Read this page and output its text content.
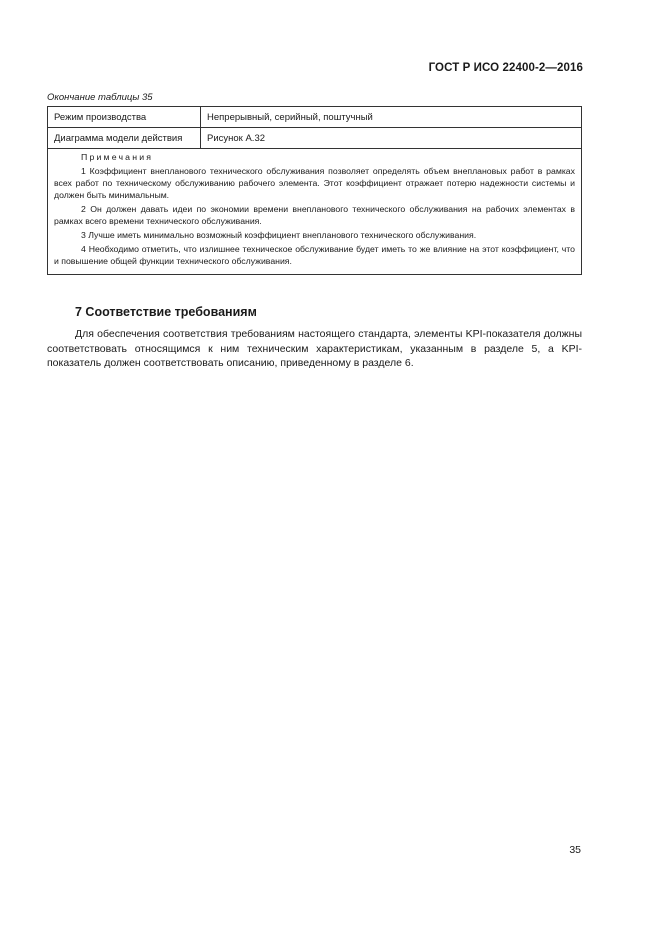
ГОСТ Р ИСО 22400-2—2016
Окончание таблицы 35
Режим производства	Непрерывный, серийный, поштучный
Диаграмма модели действия	Рисунок А.32

Примечания

1 Коэффициент внепланового технического обслуживания позволяет определять объем внеплановых работ в рамках всех работ по техническому обслуживанию рабочего элемента. Этот коэффициент отражает потерю надежности системы и должен быть минимальным.

2 Он должен давать идеи по экономии времени внепланового технического обслуживания на рабочих элементах в рамках всего времени технического обслуживания.

3 Лучше иметь минимально возможный коэффициент внепланового технического обслуживания.

4 Необходимо отметить, что излишнее техническое обслуживание будет иметь то же влияние на этот коэффициент, что и повышение общей функции технического обслуживания.	

7 Соответствие требованиям

Для обеспечения соответствия требованиям настоящего стандарта, элементы KPI-показателя должны соответствовать относящимся к ним техническим характеристикам, указанным в разделе 5, а KPI-показатель должен соответствовать описанию, приведенному в разделе 6.

35
